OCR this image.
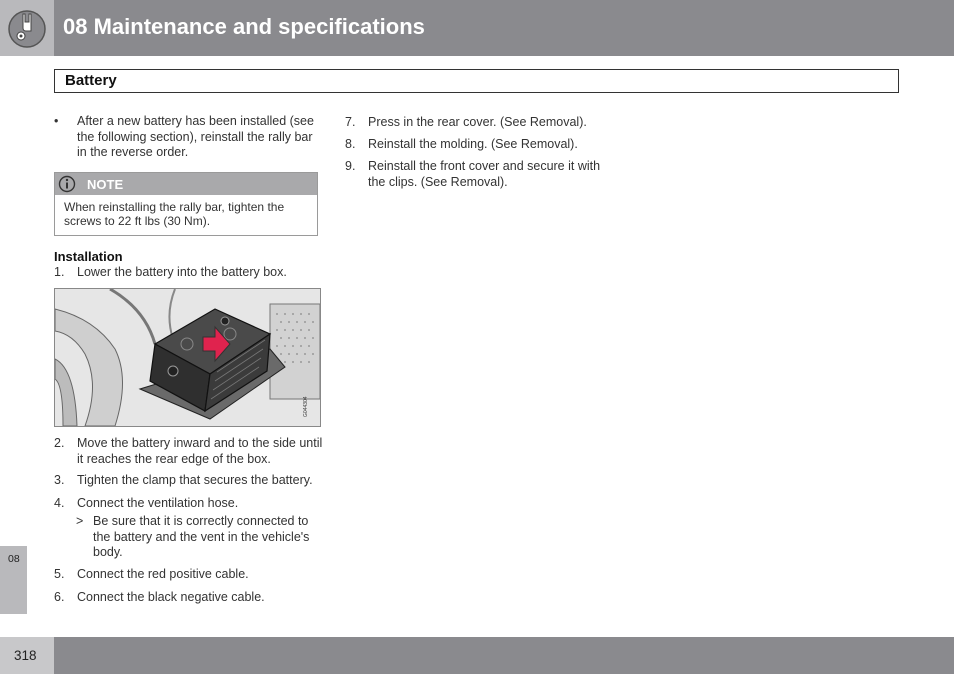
08 Maintenance and specifications
Battery
• After a new battery has been installed (see the following section), reinstall the rally bar in the reverse order.
NOTE
When reinstalling the rally bar, tighten the screws to 22 ft lbs (30 Nm).
Installation
1. Lower the battery into the battery box.
G044304
2. Move the battery inward and to the side until it reaches the rear edge of the box.
3. Tighten the clamp that secures the battery.
4. Connect the ventilation hose.
> Be sure that it is correctly connected to the battery and the vent in the vehicle's body.
5. Connect the red positive cable.
6. Connect the black negative cable.
7. Press in the rear cover. (See Removal).
8. Reinstall the molding. (See Removal).
9. Reinstall the front cover and secure it with the clips. (See Removal).
08
318
